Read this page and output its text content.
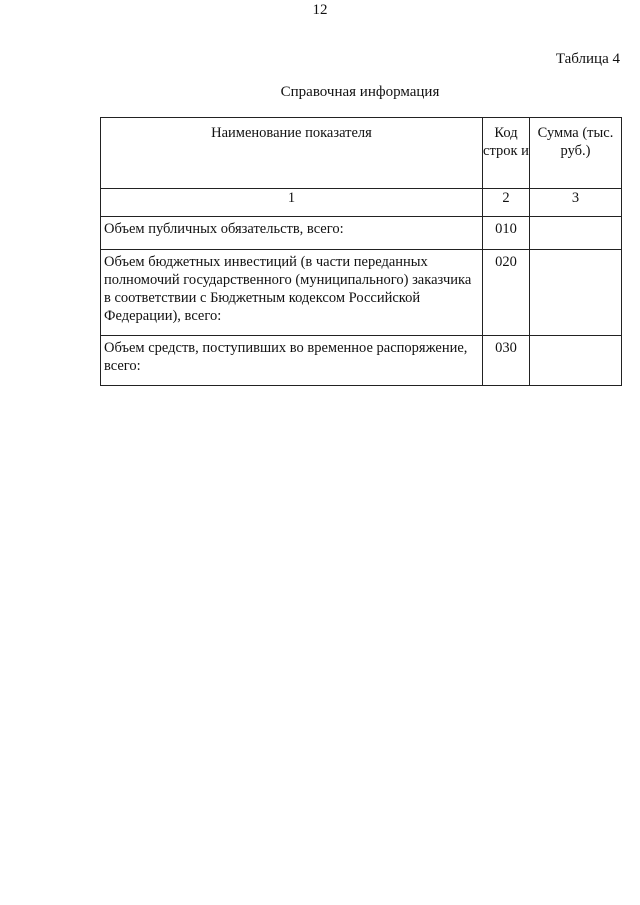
12
Таблица 4
Справочная информация
Наименование показателя	Код строк и	Сумма (тыс. руб.)
1	2	3
Объем публичных обязательств, всего:	010	
Объем бюджетных инвестиций (в части переданных полномочий государственного (муниципального) заказчика в соответствии с Бюджетным кодексом Российской Федерации), всего:	020	
Объем средств, поступивших во временное распоряжение, всего:	030	
